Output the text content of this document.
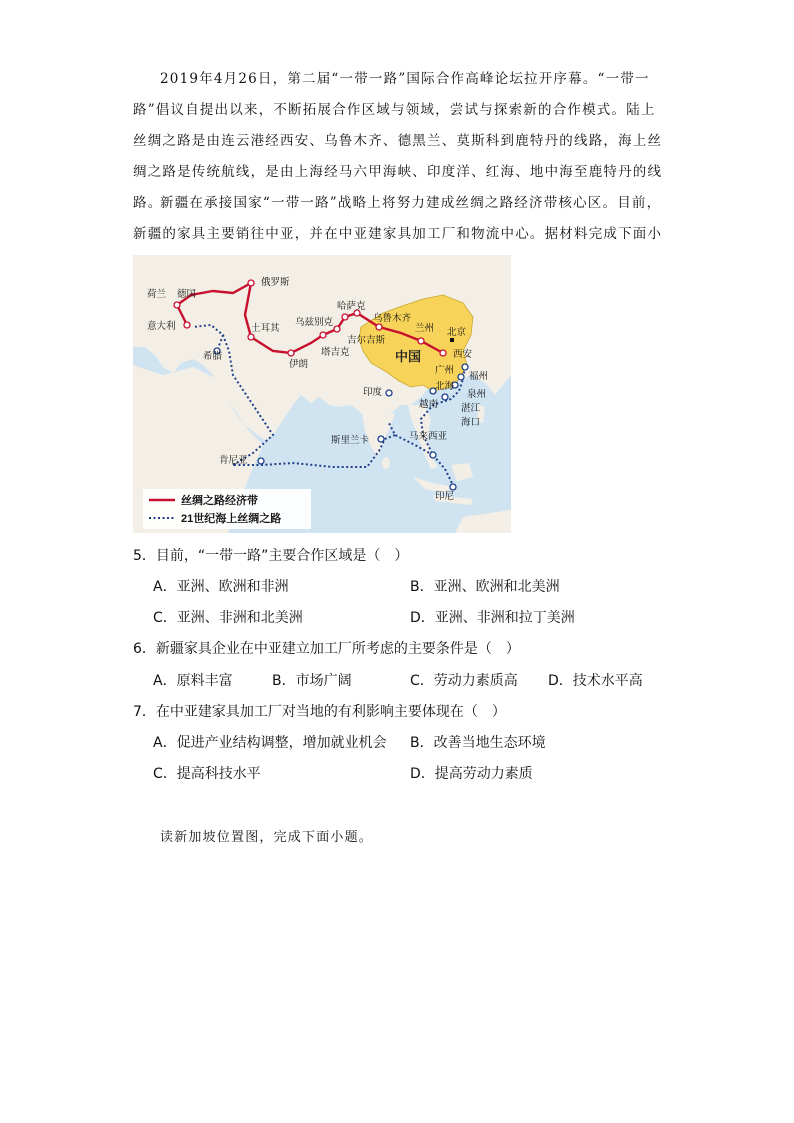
2019年4月26日，第二届“一带一路”国际合作高峰论坛拉开序幕。“一带一路”倡议自提出以来，不断拓展合作区域与领域，尝试与探索新的合作模式。陆上丝绸之路是由连云港经西安、乌鲁木齐、德黑兰、莫斯科到鹿特丹的线路，海上丝绸之路是传统航线，是由上海经马六甲海峡、印度洋、红海、地中海至鹿特丹的线路。
新疆在承接国家“一带一路”战略上将努力建成丝绸之路经济带核心区。目前，新疆的家具主要销往中亚，并在中亚建家具加工厂和物流中心。据材料完成下面小
荷兰 德国
意大利
希腊
俄罗斯
土耳其
伊朗
乌兹别克
塔吉克
哈萨克
吉尔吉斯
乌鲁木齐
兰州 北京
西安
中国
广州
福州
泉州
北海
湛江
海口
越南
印度
斯里兰卡	马来西亚
肯尼亚
印尼
丝绸之路经济带
21世纪海上丝绸之路
5．目前，“一带一路”主要合作区域是（　）
A．亚洲、欧洲和非洲	B．亚洲、欧洲和北美洲
C．亚洲、非洲和北美洲	D．亚洲、非洲和拉丁美洲
6．新疆家具企业在中亚建立加工厂所考虑的主要条件是（　）
A．原料丰富	B．市场广阔	C．劳动力素质高 D．技术水平高
7．在中亚建家具加工厂对当地的有利影响主要体现在（　）
A．促进产业结构调整，增加就业机会 B．改善当地生态环境
C．提高科技水平	D．提高劳动力素质
读新加坡位置图，完成下面小题。
